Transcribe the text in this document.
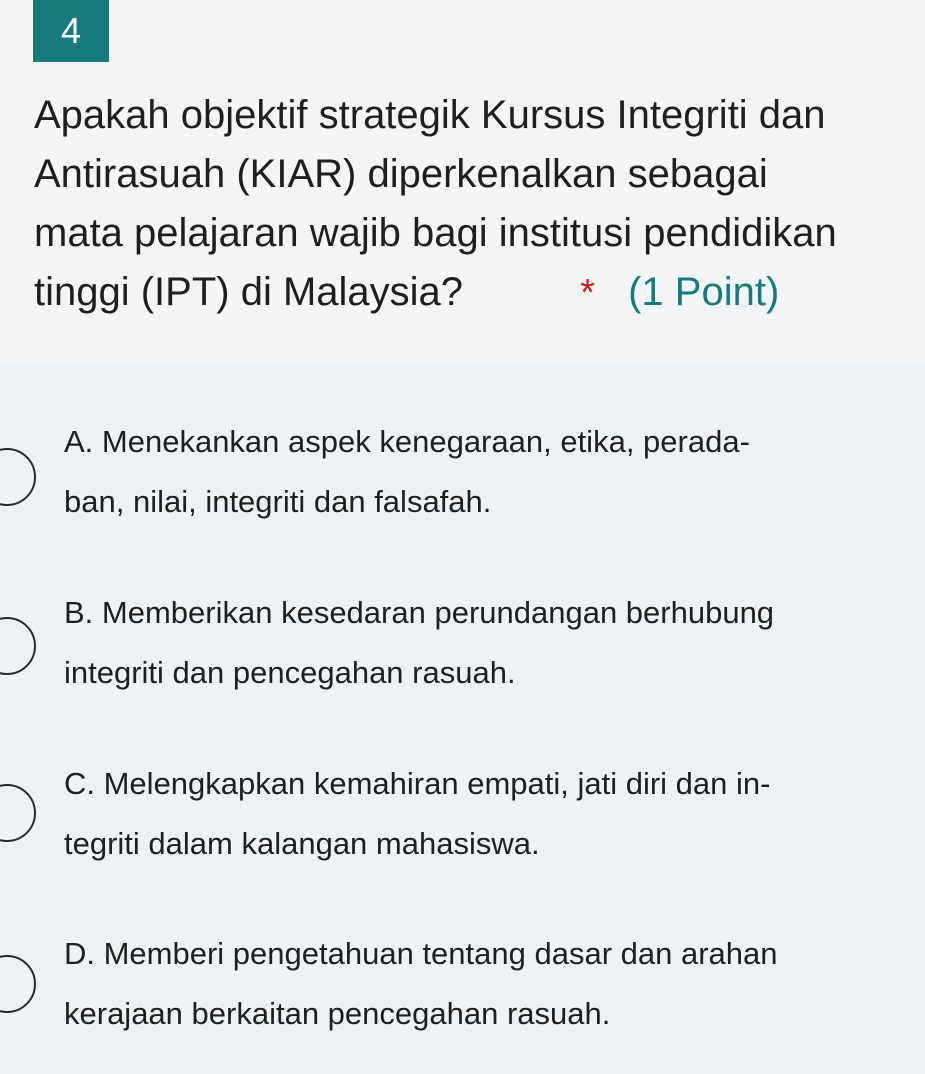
4
Apakah objektif strategik Kursus Integriti dan
Antirasuah (KIAR) diperkenalkan sebagai
mata pelajaran wajib bagi institusi pendidikan
tinggi (IPT) di Malaysia?	* (1 Point)
A. Menekankan aspek kenegaraan, etika, perada-
ban, nilai, integriti dan falsafah.
B. Memberikan kesedaran perundangan berhubung
integriti dan pencegahan rasuah.
C. Melengkapkan kemahiran empati, jati diri dan in-
tegriti dalam kalangan mahasiswa.
D. Memberi pengetahuan tentang dasar dan arahan
kerajaan berkaitan pencegahan rasuah.
